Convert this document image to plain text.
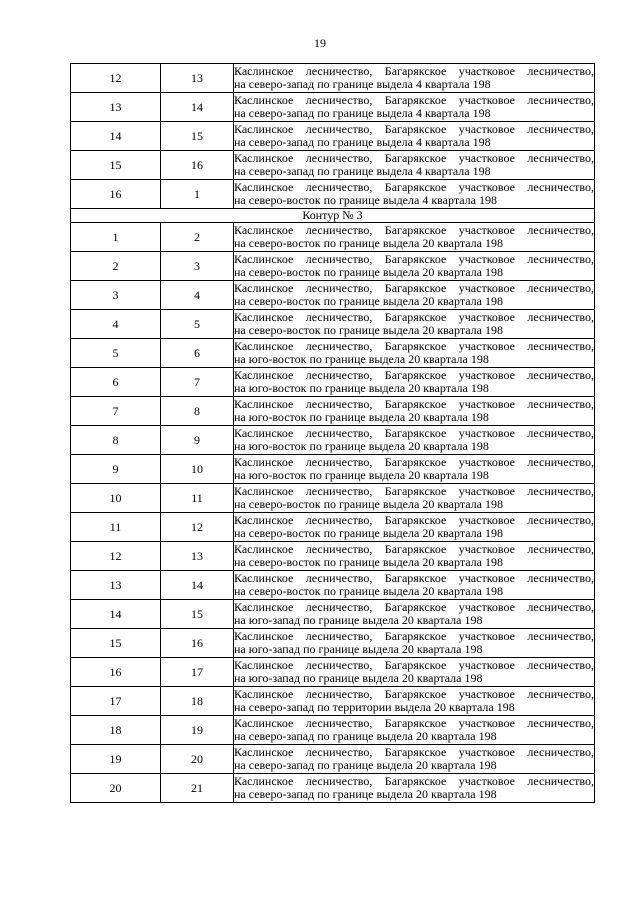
19
12	13	Каслинское лесничество, Багарякское участковое лесничество,
на северо-запад по границе выдела 4 квартала 198

13	14	Каслинское лесничество, Багарякское участковое лесничество,
на северо-запад по границе выдела 4 квартала 198

14	15	Каслинское лесничество, Багарякское участковое лесничество,
на северо-запад по границе выдела 4 квартала 198

15	16	Каслинское лесничество, Багарякское участковое лесничество,
на северо-запад по границе выдела 4 квартала 198

16	1	Каслинское лесничество, Багарякское участковое лесничество,
на северо-восток по границе выдела 4 квартала 198

Контур № 3		
1	2	Каслинское лесничество, Багарякское участковое лесничество,
на северо-восток по границе выдела 20 квартала 198

2	3	Каслинское лесничество, Багарякское участковое лесничество,
на северо-восток по границе выдела 20 квартала 198

3	4	Каслинское лесничество, Багарякское участковое лесничество,
на северо-восток по границе выдела 20 квартала 198

4	5	Каслинское лесничество, Багарякское участковое лесничество,
на северо-восток по границе выдела 20 квартала 198

5	6	Каслинское лесничество, Багарякское участковое лесничество,
на юго-восток по границе выдела 20 квартала 198

6	7	Каслинское лесничество, Багарякское участковое лесничество,
на юго-восток по границе выдела 20 квартала 198

7	8	Каслинское лесничество, Багарякское участковое лесничество,
на юго-восток по границе выдела 20 квартала 198

8	9	Каслинское лесничество, Багарякское участковое лесничество,
на юго-восток по границе выдела 20 квартала 198

9	10	Каслинское лесничество, Багарякское участковое лесничество,
на юго-восток по границе выдела 20 квартала 198

10	11	Каслинское лесничество, Багарякское участковое лесничество,
на северо-восток по границе выдела 20 квартала 198

11	12	Каслинское лесничество, Багарякское участковое лесничество,
на северо-восток по границе выдела 20 квартала 198

12	13	Каслинское лесничество, Багарякское участковое лесничество,
на северо-восток по границе выдела 20 квартала 198

13	14	Каслинское лесничество, Багарякское участковое лесничество,
на северо-восток по границе выдела 20 квартала 198

14	15	Каслинское лесничество, Багарякское участковое лесничество,
на юго-запад по границе выдела 20 квартала 198

15	16	Каслинское лесничество, Багарякское участковое лесничество,
на юго-запад по границе выдела 20 квартала 198

16	17	Каслинское лесничество, Багарякское участковое лесничество,
на юго-запад по границе выдела 20 квартала 198

17	18	Каслинское лесничество, Багарякское участковое лесничество,
на северо-запад по территории выдела 20 квартала 198

18	19	Каслинское лесничество, Багарякское участковое лесничество,
на северо-запад по границе выдела 20 квартала 198

19	20	Каслинское лесничество, Багарякское участковое лесничество,
на северо-запад по границе выдела 20 квартала 198

20	21	Каслинское лесничество, Багарякское участковое лесничество,
на северо-запад по границе выдела 20 квартала 198
